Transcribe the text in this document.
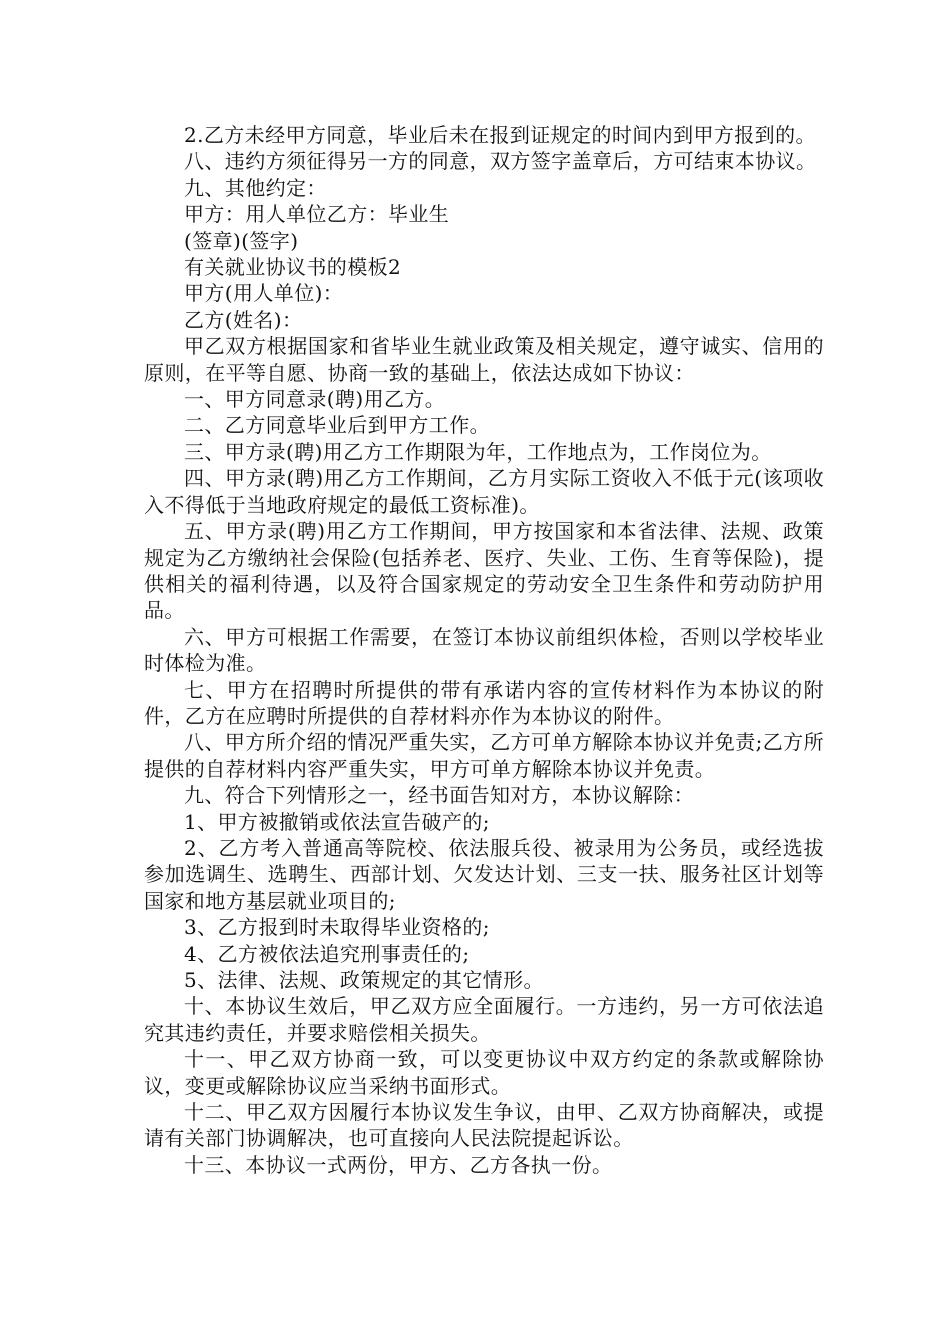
2.乙方未经甲方同意，毕业后未在报到证规定的时间内到甲方报到的。

八、违约方须征得另一方的同意，双方签字盖章后，方可结束本协议。

九、其他约定：

甲方：用人单位乙方：毕业生

(签章)(签字)

有关就业协议书的模板2

甲方(用人单位)：

乙方(姓名)：

甲乙双方根据国家和省毕业生就业政策及相关规定，遵守诚实、信用的原则，在平等自愿、协商一致的基础上，依法达成如下协议：

一、甲方同意录(聘)用乙方。

二、乙方同意毕业后到甲方工作。

三、甲方录(聘)用乙方工作期限为年，工作地点为，工作岗位为。

四、甲方录(聘)用乙方工作期间，乙方月实际工资收入不低于元(该项收入不得低于当地政府规定的最低工资标准)。

五、甲方录(聘)用乙方工作期间，甲方按国家和本省法律、法规、政策规定为乙方缴纳社会保险(包括养老、医疗、失业、工伤、生育等保险)，提供相关的福利待遇，以及符合国家规定的劳动安全卫生条件和劳动防护用品。

六、甲方可根据工作需要，在签订本协议前组织体检，否则以学校毕业时体检为准。

七、甲方在招聘时所提供的带有承诺内容的宣传材料作为本协议的附件，乙方在应聘时所提供的自荐材料亦作为本协议的附件。

八、甲方所介绍的情况严重失实，乙方可单方解除本协议并免责;乙方所提供的自荐材料内容严重失实，甲方可单方解除本协议并免责。

九、符合下列情形之一，经书面告知对方，本协议解除：

1、甲方被撤销或依法宣告破产的;

2、乙方考入普通高等院校、依法服兵役、被录用为公务员，或经选拔参加选调生、选聘生、西部计划、欠发达计划、三支一扶、服务社区计划等国家和地方基层就业项目的;

3、乙方报到时未取得毕业资格的;

4、乙方被依法追究刑事责任的;

5、法律、法规、政策规定的其它情形。

十、本协议生效后，甲乙双方应全面履行。一方违约，另一方可依法追究其违约责任，并要求赔偿相关损失。

十一、甲乙双方协商一致，可以变更协议中双方约定的条款或解除协议，变更或解除协议应当采纳书面形式。

十二、甲乙双方因履行本协议发生争议，由甲、乙双方协商解决，或提请有关部门协调解决，也可直接向人民法院提起诉讼。

十三、本协议一式两份，甲方、乙方各执一份。
